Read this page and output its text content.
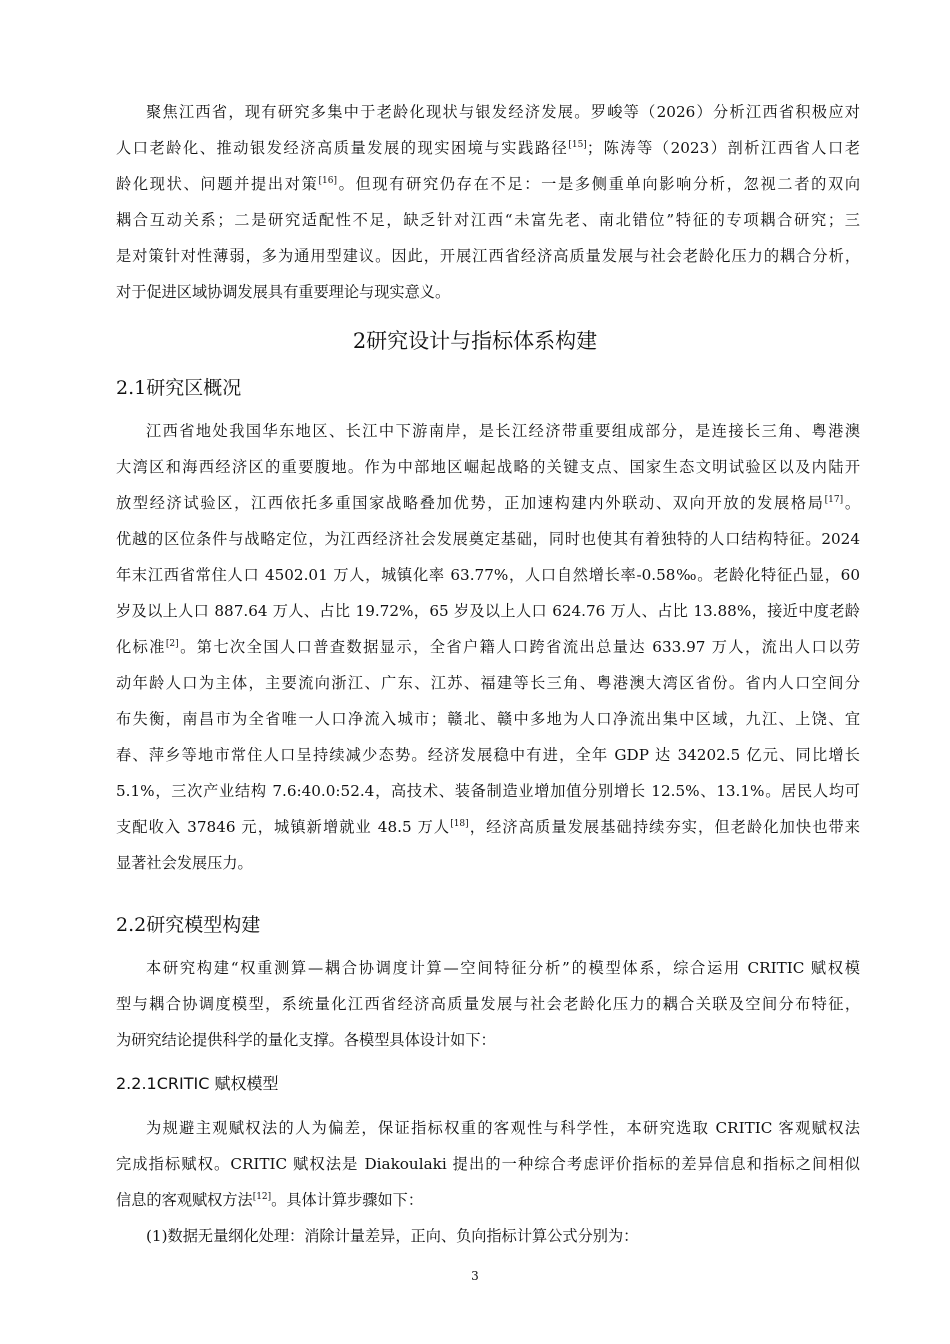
聚焦江西省，现有研究多集中于老龄化现状与银发经济发展。罗峻等（2026）分析江西省积极应对
人口老龄化、推动银发经济高质量发展的现实困境与实践路径[15]；陈涛等（2023）剖析江西省人口老
龄化现状、问题并提出对策[16]。但现有研究仍存在不足：一是多侧重单向影响分析，忽视二者的双向
耦合互动关系；二是研究适配性不足，缺乏针对江西“未富先老、南北错位”特征的专项耦合研究；三
是对策针对性薄弱，多为通用型建议。因此，开展江西省经济高质量发展与社会老龄化压力的耦合分析，
对于促进区域协调发展具有重要理论与现实意义。
2研究设计与指标体系构建
2.1研究区概况
江西省地处我国华东地区、长江中下游南岸，是长江经济带重要组成部分，是连接长三角、粤港澳
大湾区和海西经济区的重要腹地。作为中部地区崛起战略的关键支点、国家生态文明试验区以及内陆开
放型经济试验区，江西依托多重国家战略叠加优势，正加速构建内外联动、双向开放的发展格局[17]。
优越的区位条件与战略定位，为江西经济社会发展奠定基础，同时也使其有着独特的人口结构特征。2024
年末江西省常住人口 4502.01 万人，城镇化率 63.77%，人口自然增长率-0.58‰。老龄化特征凸显，60
岁及以上人口 887.64 万人、占比 19.72%，65 岁及以上人口 624.76 万人、占比 13.88%，接近中度老龄
化标准[2]。第七次全国人口普查数据显示，全省户籍人口跨省流出总量达 633.97 万人，流出人口以劳
动年龄人口为主体，主要流向浙江、广东、江苏、福建等长三角、粤港澳大湾区省份。省内人口空间分
布失衡，南昌市为全省唯一人口净流入城市；赣北、赣中多地为人口净流出集中区域，九江、上饶、宜
春、萍乡等地市常住人口呈持续减少态势。经济发展稳中有进，全年 GDP 达 34202.5 亿元、同比增长
5.1%，三次产业结构 7.6:40.0:52.4，高技术、装备制造业增加值分别增长 12.5%、13.1%。居民人均可
支配收入 37846 元，城镇新增就业 48.5 万人[18]，经济高质量发展基础持续夯实，但老龄化加快也带来
显著社会发展压力。
2.2研究模型构建
本研究构建“权重测算—耦合协调度计算—空间特征分析”的模型体系，综合运用 CRITIC 赋权模
型与耦合协调度模型，系统量化江西省经济高质量发展与社会老龄化压力的耦合关联及空间分布特征，
为研究结论提供科学的量化支撑。各模型具体设计如下：
2.2.1CRITIC 赋权模型
为规避主观赋权法的人为偏差，保证指标权重的客观性与科学性，本研究选取 CRITIC 客观赋权法
完成指标赋权。CRITIC 赋权法是 Diakoulaki 提出的一种综合考虑评价指标的差异信息和指标之间相似
信息的客观赋权方法[12]。具体计算步骤如下：
(1)数据无量纲化处理：消除计量差异，正向、负向指标计算公式分别为：
3
